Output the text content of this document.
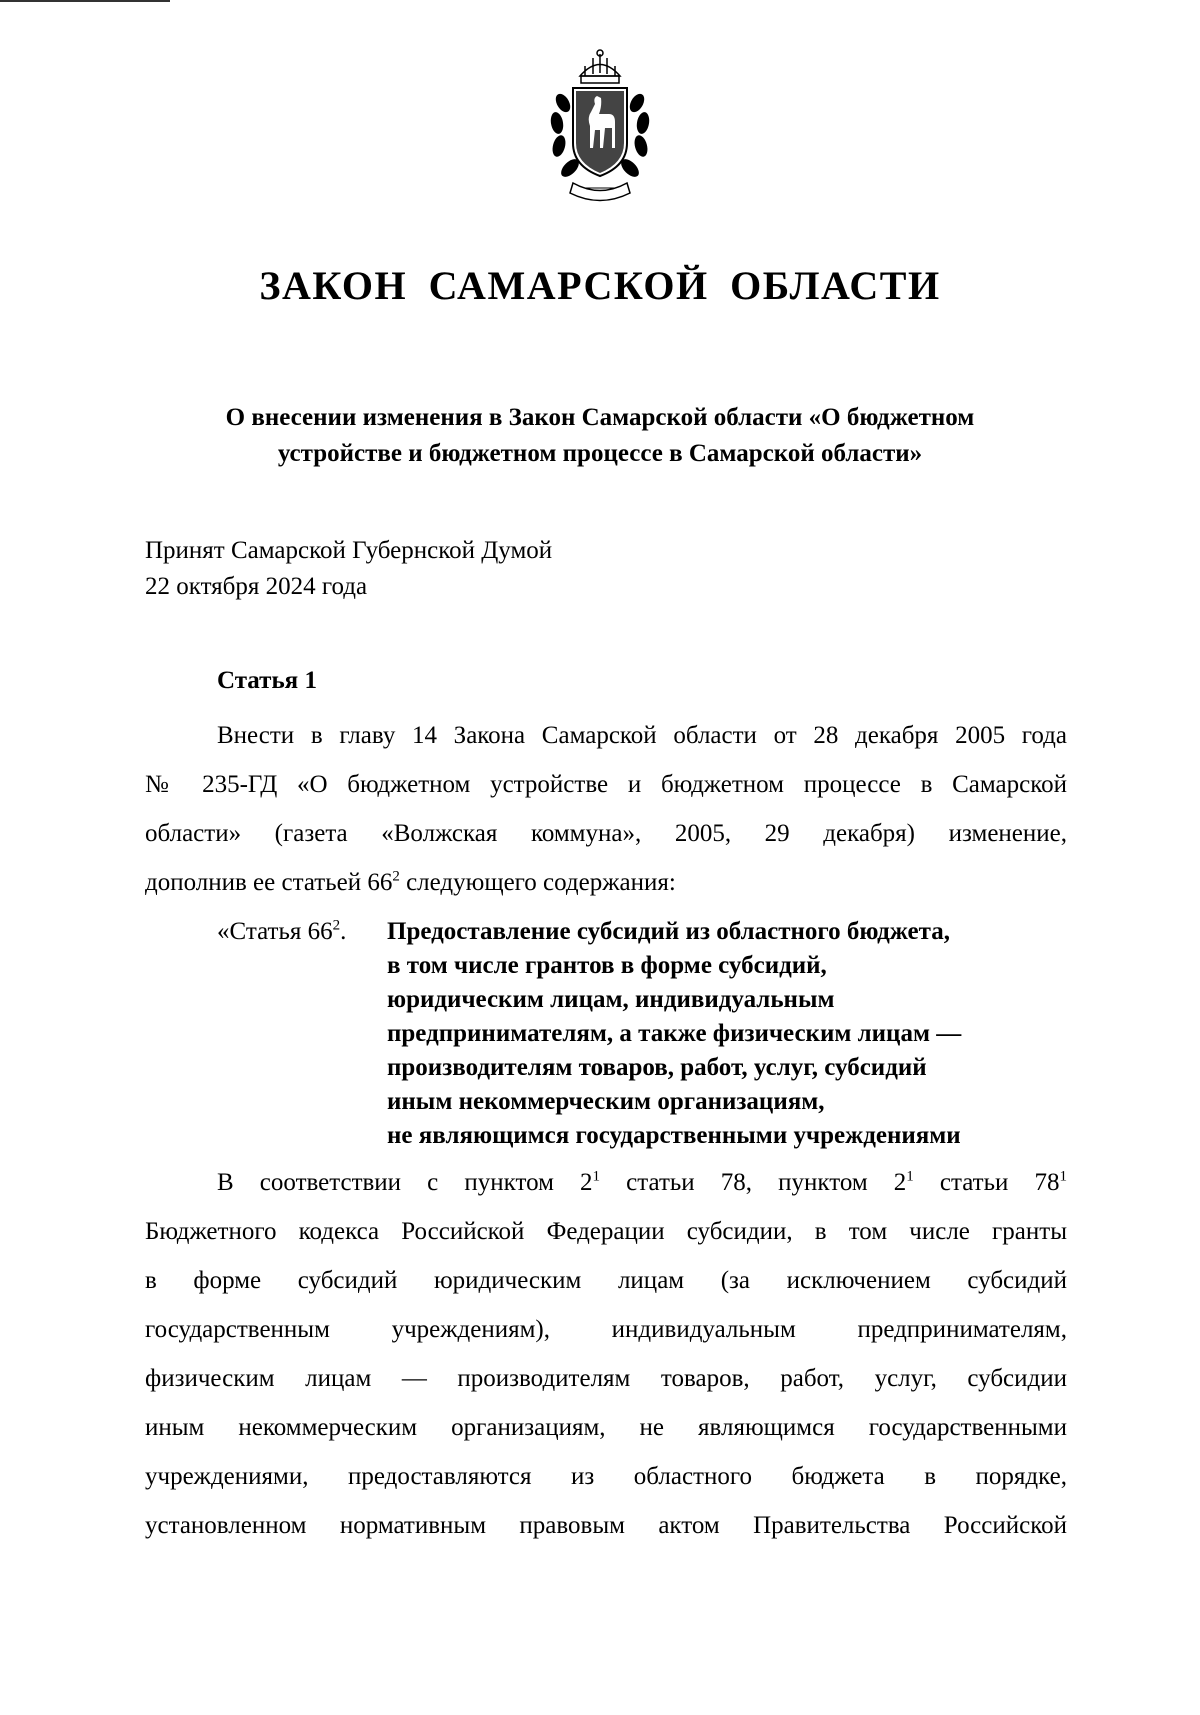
ЗАКОН САМАРСКОЙ ОБЛАСТИ
О внесении изменения в Закон Самарской области «О бюджетном
устройстве и бюджетном процессе в Самарской области»
Принят Самарской Губернской Думой
22 октября 2024 года
Статья 1
Внести в главу 14 Закона Самарской области от 28 декабря 2005 года
№ 235-ГД «О бюджетном устройстве и бюджетном процессе в Самарской
области» (газета «Волжская коммуна», 2005, 29 декабря) изменение,
дополнив ее статьей $66^2$ следующего содержания:
«Статья $66^2$. Предоставление субсидий из областного бюджета,
в том числе грантов в форме субсидий,
юридическим лицам, индивидуальным
предпринимателям, а также физическим лицам —
производителям товаров, работ, услуг, субсидий
иным некоммерческим организациям,
не являющимся государственными учреждениями
В соответствии с пунктом $2^1$ статьи 78, пунктом $2^1$ статьи $78^1$
Бюджетного кодекса Российской Федерации субсидии, в том числе гранты
в форме субсидий юридическим лицам (за исключением субсидий
государственным учреждениям), индивидуальным предпринимателям,
физическим лицам — производителям товаров, работ, услуг, субсидии
иным некоммерческим организациям, не являющимся государственными
учреждениями, предоставляются из областного бюджета в порядке,
установленном нормативным правовым актом Правительства Российской
